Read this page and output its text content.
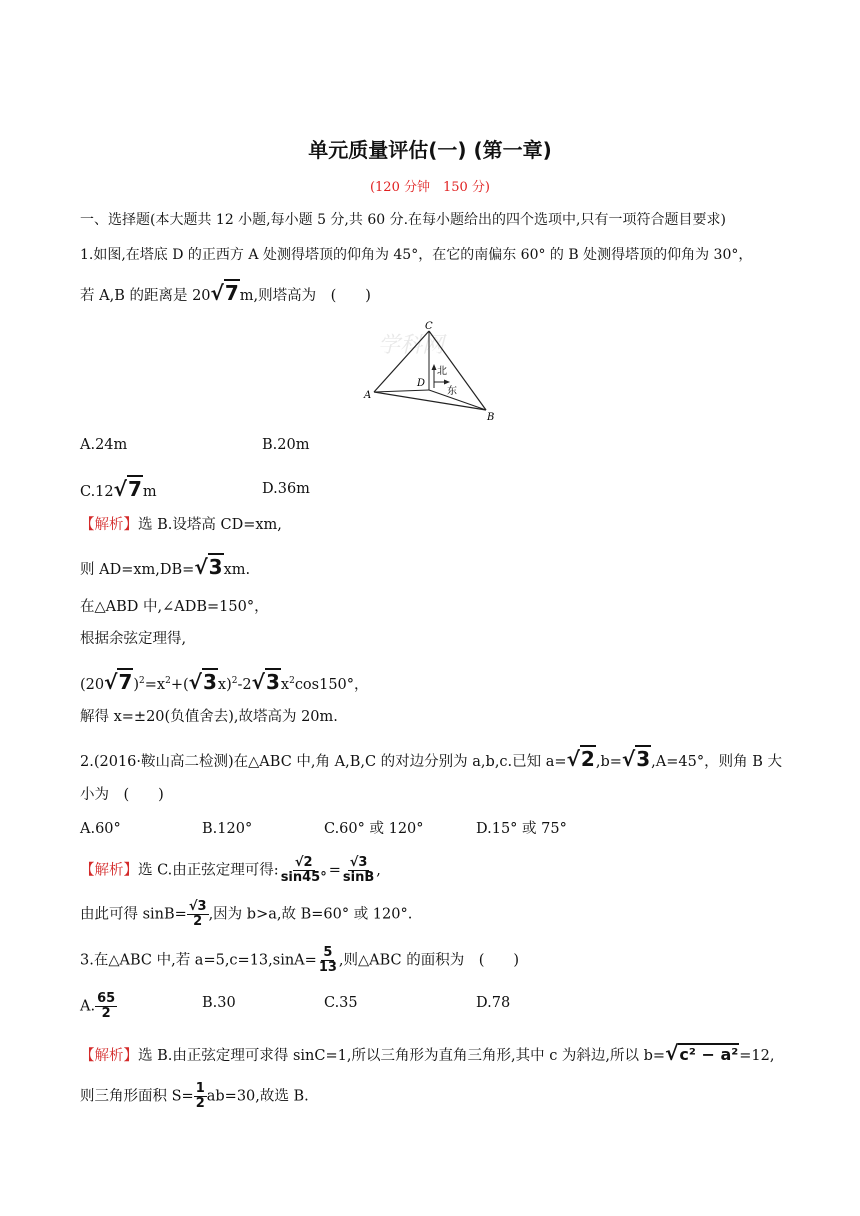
单元质量评估(一) (第一章)
(120 分钟　150 分)
一、选择题(本大题共 12 小题,每小题 5 分,共 60 分.在每小题给出的四个选项中,只有一项符合题目要求)
1.如图,在塔底 D 的正西方 A 处测得塔顶的仰角为 45°，在它的南偏东 60° 的 B 处测得塔顶的仰角为 30°，
若 A,B 的距离是 20√7m,则塔高为　(　　)
学科网
C
A
B
D
北
东
A.24m	B.20m
C.12√7m	D.36m
【解析】选 B.设塔高 CD=xm,
则 AD=xm,DB=√3xm.
在△ABD 中,∠ADB=150°，
根据余弦定理得,
$(20√7)^2=x^2+(√3x)^2-2√3x^2\cos 150^\circ$，
解得 x=±20(负值舍去),故塔高为 20m.
2.(2016·鞍山高二检测)在△ABC 中,角 A,B,C 的对边分别为 a,b,c.已知 a=√2,b=√3,A=45°，则角 B 大
小为　(　　)
A.60°	B.120°	C.60° 或 120°	D.15° 或 75°
【解析】选 C.由正弦定理可得: $\frac{√2}{\sin 45^\circ} = \frac{√3}{\sin B}$ ,
由此可得 $\sin B= \frac{√3}{2}$ ,因为 b>a,故 B=60° 或 120°.
3.在△ABC 中,若 $a=5,c=13,\sin A= \frac{5}{13}$ ,则△ABC 的面积为　(　　)
A. $\frac{65}{2}$	B.30	C.35	D.78
【解析】选 B.由正弦定理可求得 sinC=1,所以三角形为直角三角形,其中 c 为斜边,所以 b=√c² − a²=12,
则三角形面积 $S= \frac{1}{2} ab=30$,故选 B.
